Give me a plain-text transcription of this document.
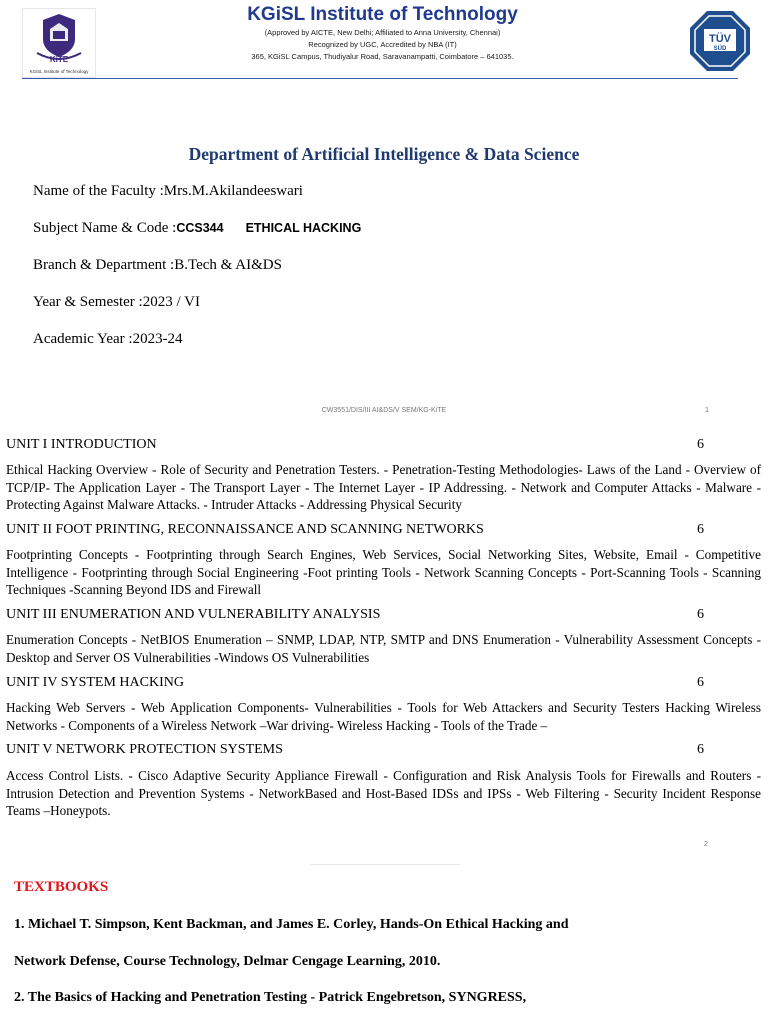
KiTE
KGiSL Institute of Technology
KGiSL Institute of Technology
(Approved by AICTE, New Delhi; Affiliated to Anna University, Chennai)
Recognized by UGC, Accredited by NBA (IT)
365, KGiSL Campus, Thudiyalur Road, Saravanampatti, Coimbatore – 641035.
TÜV
SÜD
Department of Artificial Intelligence & Data Science
Name of the Faculty :Mrs.M.Akilandeeswari
Subject Name & Code :CCS344 ETHICAL HACKING
Branch & Department :B.Tech & AI&DS
Year & Semester :2023 / VI
Academic Year :2023-24
CW3551/DIS/III AI&DS/V SEM/KG-KiTE	1
UNIT I INTRODUCTION	6
Ethical Hacking Overview - Role of Security and Penetration Testers. - Penetration-Testing Methodologies- Laws of the Land - Overview of TCP/IP- The Application Layer - The Transport Layer - The Internet Layer - IP Addressing. - Network and Computer Attacks - Malware - Protecting Against Malware Attacks. - Intruder Attacks - Addressing Physical Security
UNIT II FOOT PRINTING, RECONNAISSANCE AND SCANNING NETWORKS	6
Footprinting Concepts - Footprinting through Search Engines, Web Services, Social Networking Sites, Website, Email - Competitive Intelligence - Footprinting through Social Engineering -Foot printing Tools - Network Scanning Concepts - Port-Scanning Tools - Scanning Techniques -Scanning Beyond IDS and Firewall
UNIT III ENUMERATION AND VULNERABILITY ANALYSIS	6
Enumeration Concepts - NetBIOS Enumeration – SNMP, LDAP, NTP, SMTP and DNS Enumeration - Vulnerability Assessment Concepts - Desktop and Server OS Vulnerabilities -Windows OS Vulnerabilities
UNIT IV SYSTEM HACKING	6
Hacking Web Servers - Web Application Components- Vulnerabilities - Tools for Web Attackers and Security Testers Hacking Wireless Networks - Components of a Wireless Network –War driving- Wireless Hacking - Tools of the Trade –
UNIT V NETWORK PROTECTION SYSTEMS	6
Access Control Lists. - Cisco Adaptive Security Appliance Firewall - Configuration and Risk Analysis Tools for Firewalls and Routers - Intrusion Detection and Prevention Systems - NetworkBased and Host-Based IDSs and IPSs - Web Filtering - Security Incident Response Teams –Honeypots.
2
TEXTBOOKS
1. Michael T. Simpson, Kent Backman, and James E. Corley, Hands-On Ethical Hacking and
Network Defense, Course Technology, Delmar Cengage Learning, 2010.
2. The Basics of Hacking and Penetration Testing - Patrick Engebretson, SYNGRESS,
